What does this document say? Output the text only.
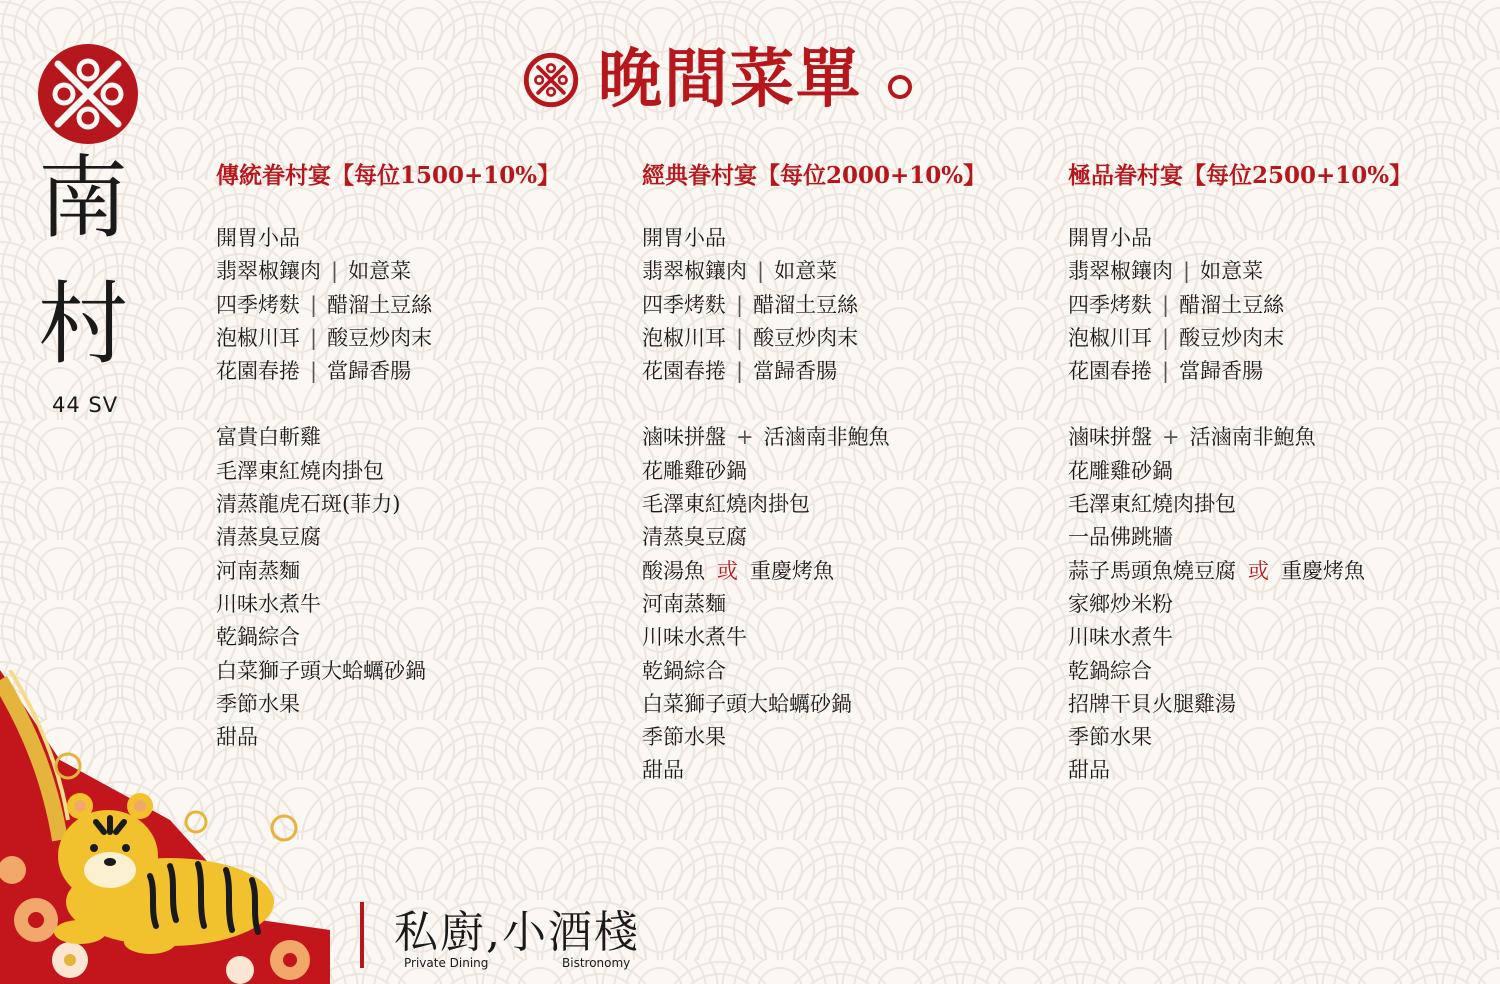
南
村
44 SV
晚間菜單
傳統眷村宴【每位1500+10%】
開胃小品
翡翠椒鑲肉 | 如意菜
四季烤麩 | 醋溜土豆絲
泡椒川耳 | 酸豆炒肉末
花園春捲 | 當歸香腸
富貴白斬雞
毛澤東紅燒肉掛包
清蒸龍虎石斑(菲力)
清蒸臭豆腐
河南蒸麵
川味水煮牛
乾鍋綜合
白菜獅子頭大蛤蠣砂鍋
季節水果
甜品
經典眷村宴【每位2000+10%】
開胃小品
翡翠椒鑲肉 | 如意菜
四季烤麩 | 醋溜土豆絲
泡椒川耳 | 酸豆炒肉末
花園春捲 | 當歸香腸
滷味拼盤 + 活滷南非鮑魚
花雕雞砂鍋
毛澤東紅燒肉掛包
清蒸臭豆腐
酸湯魚 或 重慶烤魚
河南蒸麵
川味水煮牛
乾鍋綜合
白菜獅子頭大蛤蠣砂鍋
季節水果
甜品
極品眷村宴【每位2500+10%】
開胃小品
翡翠椒鑲肉 | 如意菜
四季烤麩 | 醋溜土豆絲
泡椒川耳 | 酸豆炒肉末
花園春捲 | 當歸香腸
滷味拼盤 + 活滷南非鮑魚
花雕雞砂鍋
毛澤東紅燒肉掛包
一品佛跳牆
蒜子馬頭魚燒豆腐 或 重慶烤魚
家鄉炒米粉
川味水煮牛
乾鍋綜合
招牌干貝火腿雞湯
季節水果
甜品
私廚,小酒棧
Private Dining	Bistronomy
